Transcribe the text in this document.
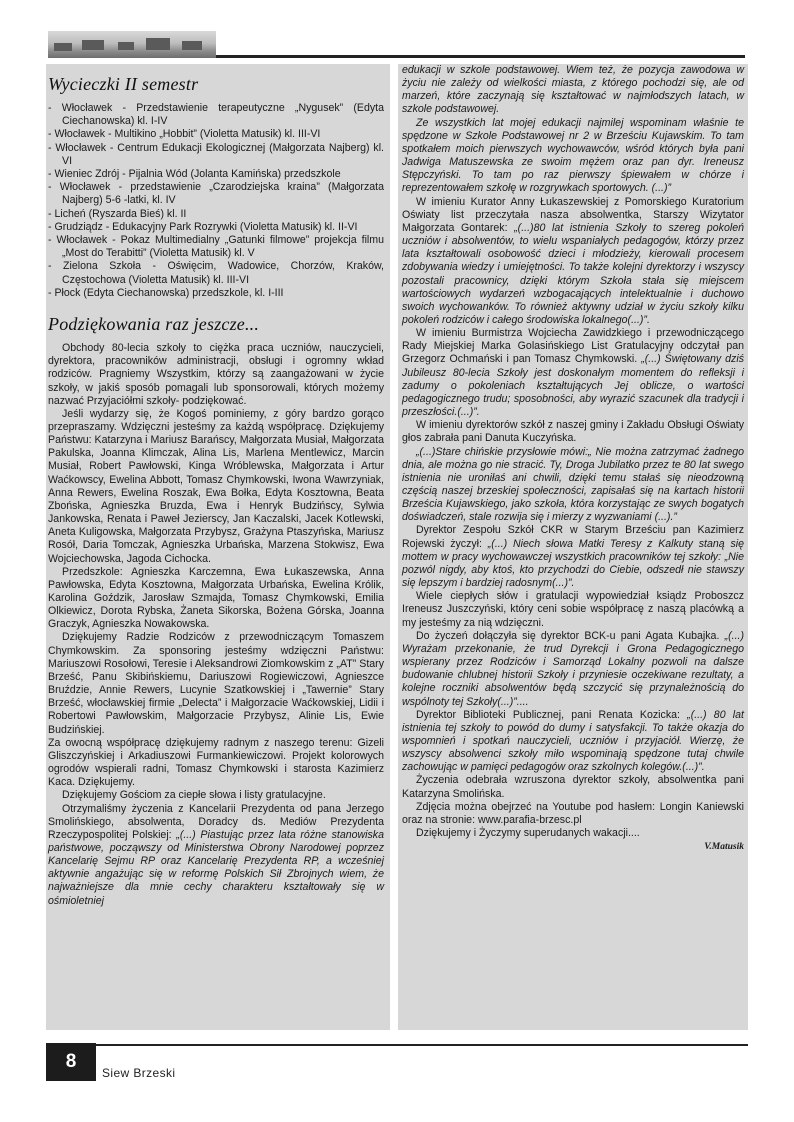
Wycieczki II semestr
- Włocławek - Przedstawienie terapeutyczne „Nygusek” (Edyta Ciechanowska) kl. I-IV
- Włocławek - Multikino „Hobbit” (Violetta Matusik) kl. III-VI
- Włocławek - Centrum Edukacji Ekologicznej (Małgorzata Najberg) kl. VI
- Wieniec Zdrój - Pijalnia Wód (Jolanta Kamińska) przedszkole
- Włocławek - przedstawienie „Czarodziejska kraina” (Małgorzata Najberg) 5-6 -latki, kl. IV
- Licheń (Ryszarda Bieś) kl. II
- Grudziądz - Edukacyjny Park Rozrywki (Violetta Matusik) kl. II-VI
- Włocławek - Pokaz Multimedialny „Gatunki filmowe” projekcja filmu „Most do Terabitti” (Violetta Matusik) kl. V
- Zielona Szkoła - Oświęcim, Wadowice, Chorzów, Kraków, Częstochowa (Violetta Matusik) kl. III-VI
- Płock (Edyta Ciechanowska) przedszkole, kl. I-III
Podziękowania raz jeszcze...

Obchody 80-lecia szkoły to ciężka praca uczniów, nauczycieli, dyrektora, pracowników administracji, obsługi i ogromny wkład rodziców. Pragniemy Wszystkim, którzy są zaangażowani w życie szkoły, w jakiś sposób pomagali lub sponsorowali, których możemy nazwać Przyjaciółmi szkoły- podziękować.

Jeśli wydarzy się, że Kogoś pominiemy, z góry bardzo gorąco przepraszamy. Wdzięczni jesteśmy za każdą współpracę. Dziękujemy Państwu: Katarzyna i Mariusz Barańscy, Małgorzata Musiał, Małgorzata Pakulska, Joanna Klimczak, Alina Lis, Marlena Mentlewicz, Marcin Musiał, Robert Pawłowski, Kinga Wróblewska, Małgorzata i Artur Waćkowscy, Ewelina Abbott, Tomasz Chymkowski, Iwona Wawrzyniak, Anna Rewers, Ewelina Roszak, Ewa Bołka, Edyta Kosztowna, Beata Zbońska, Agnieszka Bruzda, Ewa i Henryk Budzińscy, Sylwia Jankowska, Renata i Paweł Jezierscy, Jan Kaczalski, Jacek Kotlewski, Aneta Kuligowska, Małgorzata Przybysz, Grażyna Ptaszyńska, Mariusz Rosół, Daria Tomczak, Agnieszka Urbańska, Marzena Stokwisz, Ewa Wojciechowska, Jagoda Cichocka.

Przedszkole: Agnieszka Karczemna, Ewa Łukaszewska, Anna Pawłowska, Edyta Kosztowna, Małgorzata Urbańska, Ewelina Królik, Karolina Goździk, Jarosław Szmajda, Tomasz Chymkowski, Emilia Olkiewicz, Dorota Rybska, Żaneta Sikorska, Bożena Górska, Joanna Graczyk, Agnieszka Nowakowska.

Dziękujemy Radzie Rodziców z przewodniczącym Tomaszem Chymkowskim. Za sponsoring jesteśmy wdzięczni Państwu: Mariuszowi Rosołowi, Teresie i Aleksandrowi Ziomkowskim z „AT” Stary Brześć, Panu Skibińskiemu, Dariuszowi Rogiewiczowi, Agnieszce Bruździe, Annie Rewers, Lucynie Szatkowskiej i „Tawernie” Stary Brześć, włocławskiej firmie „Delecta” i Małgorzacie Waćkowskiej, Lidii i Robertowi Pawłowskim, Małgorzacie Przybysz, Alinie Lis, Ewie Budzińskiej.

Za owocną współpracę dziękujemy radnym z naszego terenu: Gizeli Gliszczyńskiej i Arkadiuszowi Furmankiewiczowi. Projekt kolorowych ogrodów wspierali radni, Tomasz Chymkowski i starosta Kazimierz Kaca. Dziękujemy.

Dziękujemy Gościom za ciepłe słowa i listy gratulacyjne.

Otrzymaliśmy życzenia z Kancelarii Prezydenta od pana Jerzego Smolińskiego, absolwenta, Doradcy ds. Mediów Prezydenta Rzeczypospolitej Polskiej: „(...) Piastując przez lata różne stanowiska państwowe, począwszy od Ministerstwa Obrony Narodowej poprzez Kancelarię Sejmu RP oraz Kancelarię Prezydenta RP, a wcześniej aktywnie angażując się w reformę Polskich Sił Zbrojnych wiem, że najważniejsze dla mnie cechy charakteru kształtowały się w ośmioletniej

edukacji w szkole podstawowej. Wiem też, że pozycja zawodowa w życiu nie zależy od wielkości miasta, z którego pochodzi się, ale od marzeń, które zaczynają się kształtować w najmłodszych latach, w szkole podstawowej.

Ze wszystkich lat mojej edukacji najmilej wspominam właśnie te spędzone w Szkole Podstawowej nr 2 w Brześciu Kujawskim. To tam spotkałem moich pierwszych wychowawców, wśród których była pani Jadwiga Matuszewska ze swoim mężem oraz pan dyr. Ireneusz Stępczyński. To tam po raz pierwszy śpiewałem w chórze i reprezentowałem szkołę w rozgrywkach sportowych. (...)”

W imieniu Kurator Anny Łukaszewskiej z Pomorskiego Kuratorium Oświaty list przeczytała nasza absolwentka, Starszy Wizytator Małgorzata Gontarek: „(...)80 lat istnienia Szkoły to szereg pokoleń uczniów i absolwentów, to wielu wspaniałych pedagogów, którzy przez lata kształtowali osobowość dzieci i młodzieży, kierowali procesem zdobywania wiedzy i umiejętności. To także kolejni dyrektorzy i wszyscy pozostali pracownicy, dzięki którym Szkoła stała się miejscem wartościowych wydarzeń wzbogacających intelektualnie i duchowo swoich wychowanków. To również aktywny udział w życiu szkoły kilku pokoleń rodziców i całego środowiska lokalnego(...)”.

W imieniu Burmistrza Wojciecha Zawidzkiego i przewodniczącego Rady Miejskiej Marka Golasińskiego List Gratulacyjny odczytał pan Grzegorz Ochmański i pan Tomasz Chymkowski. „(...) Świętowany dziś Jubileusz 80-lecia Szkoły jest doskonałym momentem do refleksji i zadumy o pokoleniach kształtujących Jej oblicze, o wartości pedagogicznego trudu; sposobności, aby wyrazić szacunek dla tradycji i przeszłości.(...)”.

W imieniu dyrektorów szkół z naszej gminy i Zakładu Obsługi Oświaty głos zabrała pani Danuta Kuczyńska.

„(...)Stare chińskie przysłowie mówi:„ Nie można zatrzymać żadnego dnia, ale można go nie stracić. Ty, Droga Jubilatko przez te 80 lat swego istnienia nie uroniłaś ani chwili, dzięki temu stałaś się nieodzowną częścią naszej brzeskiej społeczności, zapisałaś się na kartach historii Brześcia Kujawskiego, jako szkoła, która korzystając ze swych bogatych doświadczeń, stale rozwija się i mierzy z wyzwaniami (...).”

Dyrektor Zespołu Szkół CKR w Starym Brześciu pan Kazimierz Rojewski życzył: „(...) Niech słowa Matki Teresy z Kalkuty staną się mottem w pracy wychowawczej wszystkich pracowników tej szkoły: „Nie pozwól nigdy, aby ktoś, kto przychodzi do Ciebie, odszedł nie stawszy się lepszym i bardziej radosnym(...)”.

Wiele ciepłych słów i gratulacji wypowiedział ksiądz Proboszcz Ireneusz Juszczyński, który ceni sobie współpracę z naszą placówką a my jesteśmy za nią wdzięczni.

Do życzeń dołączyła się dyrektor BCK-u pani Agata Kubajka. „(...) Wyrażam przekonanie, że trud Dyrekcji i Grona Pedagogicznego wspierany przez Rodziców i Samorząd Lokalny pozwoli na dalsze budowanie chlubnej historii Szkoły i przyniesie oczekiwane rezultaty, a kolejne roczniki absolwentów będą szczycić się przynależnością do wspólnoty tej Szkoły(...)”....

Dyrektor Biblioteki Publicznej, pani Renata Kozicka: „(...) 80 lat istnienia tej szkoły to powód do dumy i satysfakcji. To także okazja do wspomnień i spotkań nauczycieli, uczniów i przyjaciół. Wierzę, że wszyscy absolwenci szkoły miło wspominają spędzone tutaj chwile zachowując w pamięci pedagogów oraz szkolnych kolegów.(...)”.

Życzenia odebrała wzruszona dyrektor szkoły, absolwentka pani Katarzyna Smolińska.

Zdjęcia można obejrzeć na Youtube pod hasłem: Longin Kaniewski oraz na stronie: www.parafia-brzesc.pl

Dziękujemy i Życzymy superudanych wakacji....

V.Matusik
8
Siew Brzeski
